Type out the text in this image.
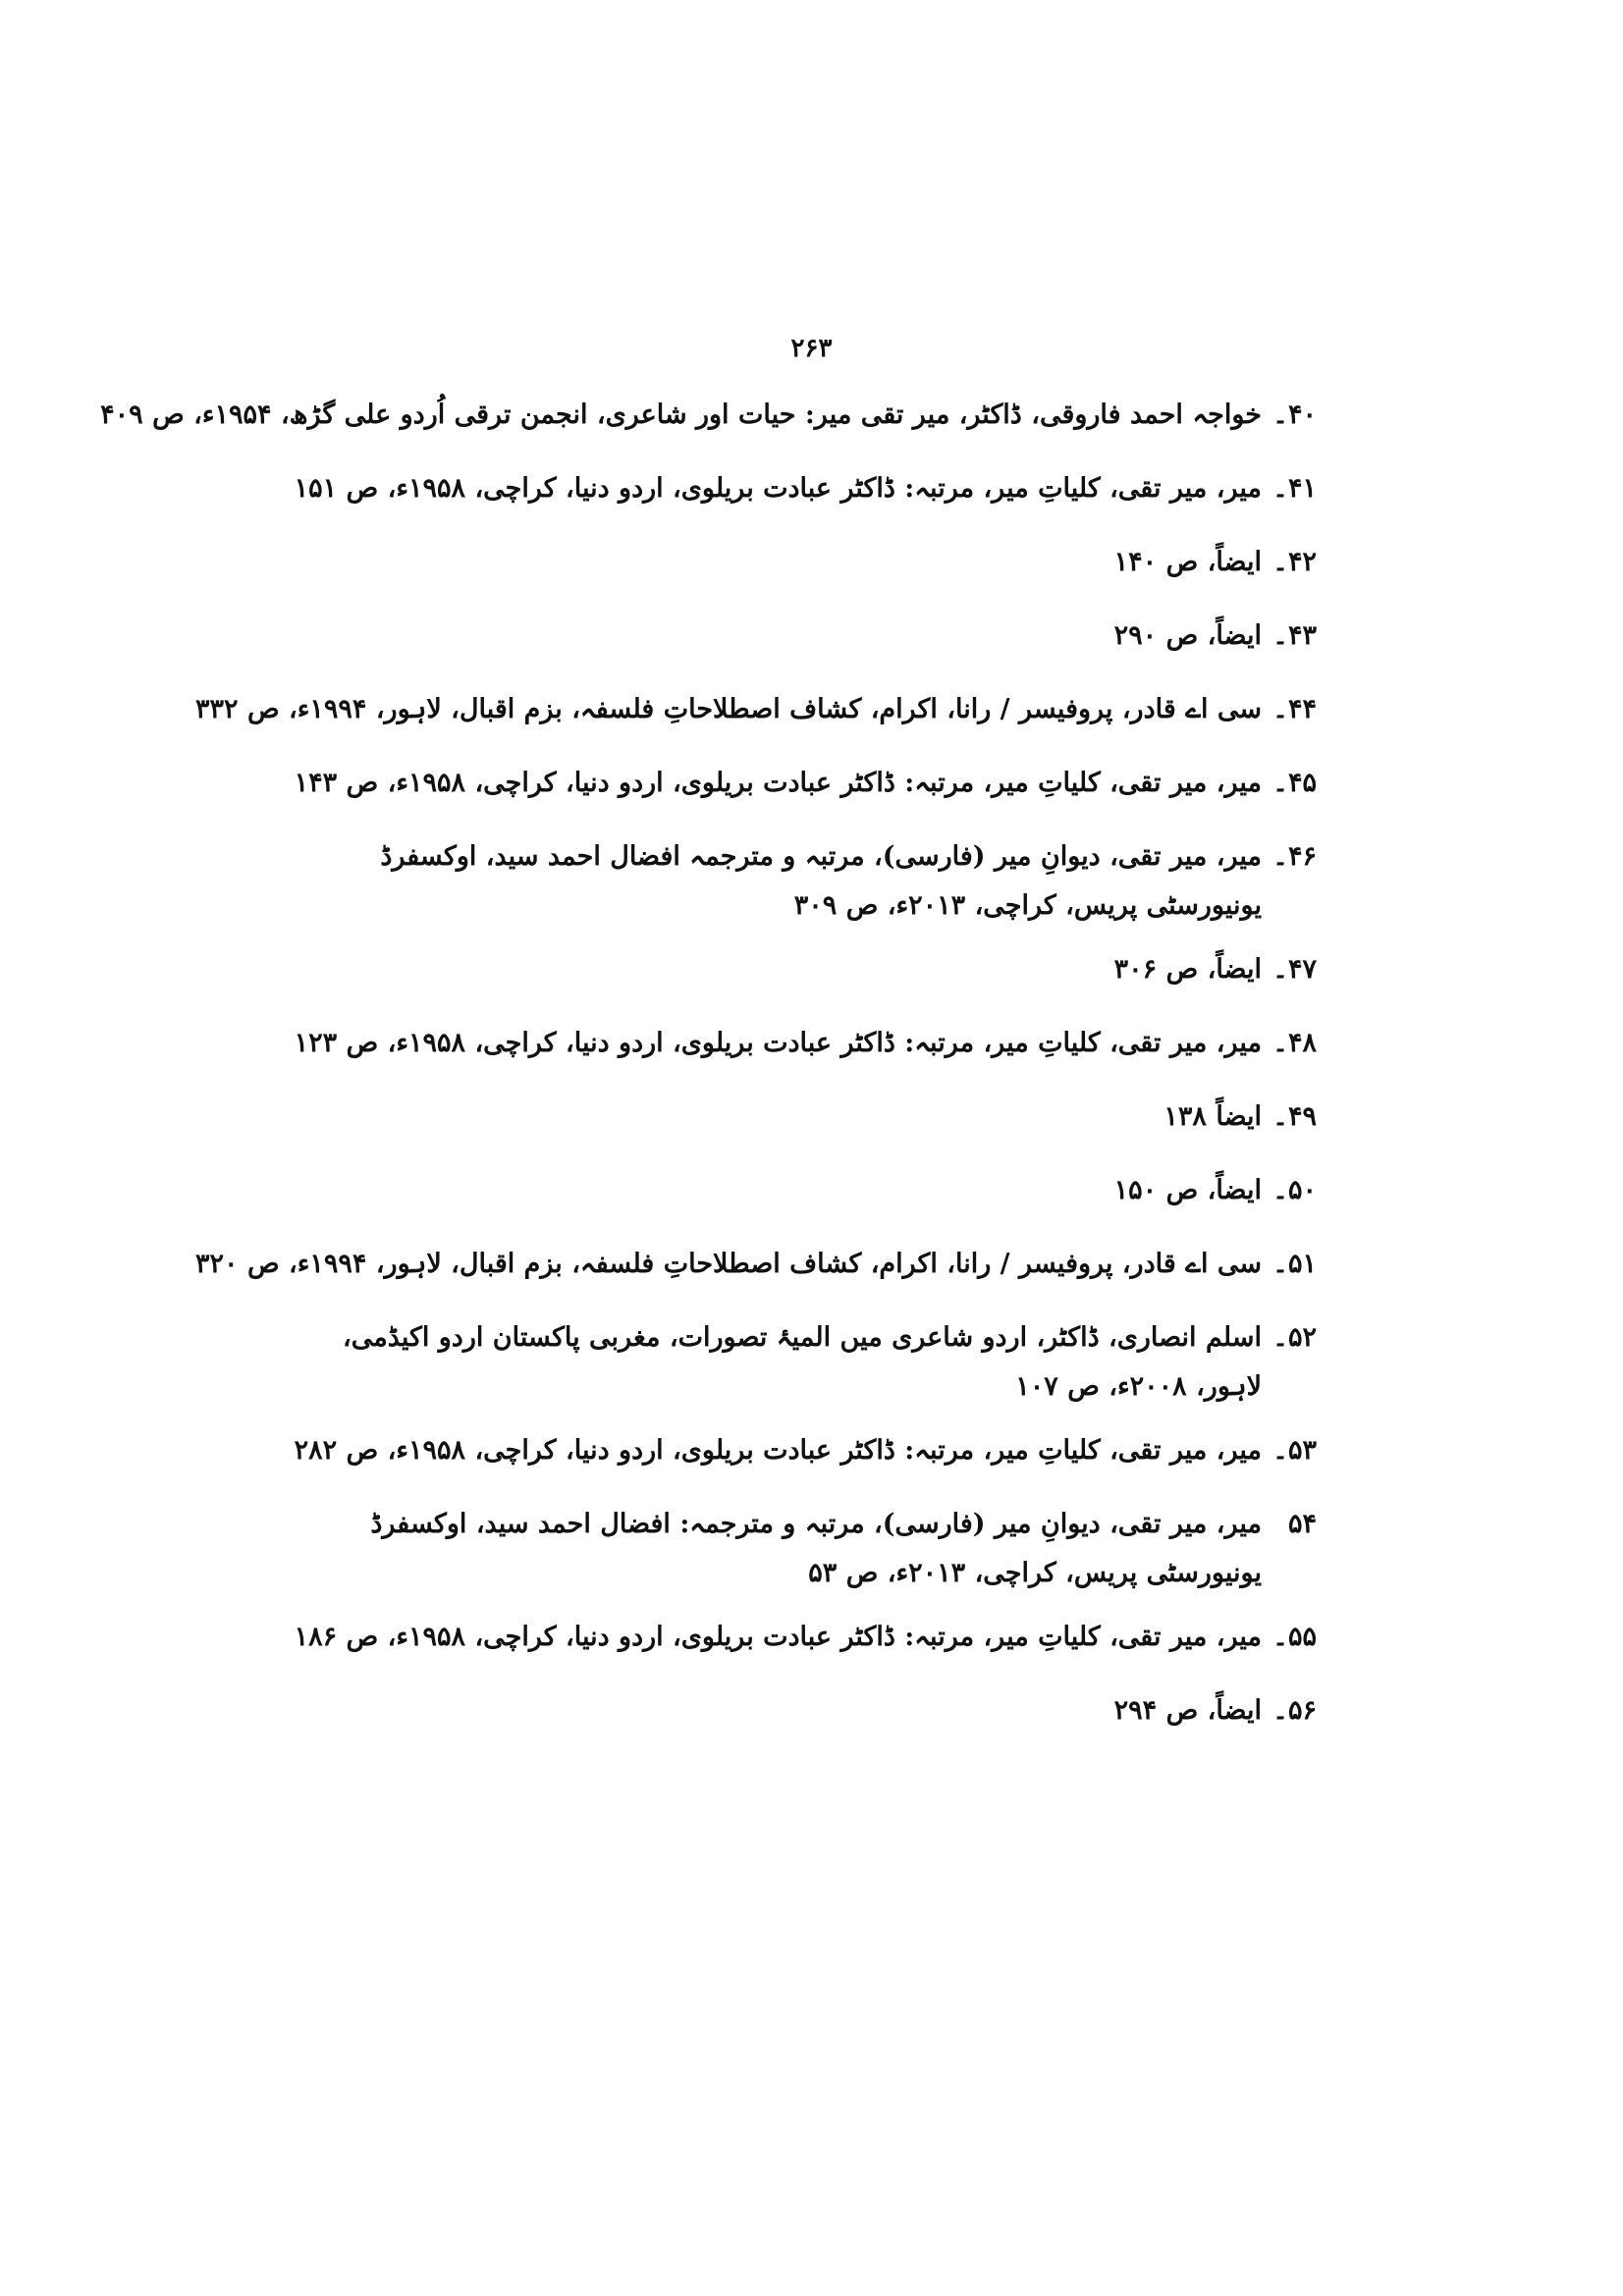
۲۶۳
۴۰۔
خواجہ احمد فاروقی، ڈاکٹر، میر تقی میر: حیات اور شاعری، انجمن ترقی اُردو علی گڑھ، ۱۹۵۴ء، ص ۴۰۹
۴۱۔
میر، میر تقی، کلیاتِ میر، مرتبہ: ڈاکٹر عبادت بریلوی، اردو دنیا، کراچی، ۱۹۵۸ء، ص ۱۵۱
۴۲۔
ایضاً، ص ۱۴۰
۴۳۔
ایضاً، ص ۲۹۰
۴۴۔
سی اے قادر، پروفیسر / رانا، اکرام، کشاف اصطلاحاتِ فلسفہ، بزم اقبال، لاہور، ۱۹۹۴ء، ص ۳۳۲
۴۵۔
میر، میر تقی، کلیاتِ میر، مرتبہ: ڈاکٹر عبادت بریلوی، اردو دنیا، کراچی، ۱۹۵۸ء، ص ۱۴۳
۴۶۔
میر، میر تقی، دیوانِ میر (فارسی)، مرتبہ و مترجمہ افضال احمد سید، اوکسفرڈ یونیورسٹی پریس، کراچی، ۲۰۱۳ء، ص ۳۰۹
۴۷۔
ایضاً، ص ۳۰۶
۴۸۔
میر، میر تقی، کلیاتِ میر، مرتبہ: ڈاکٹر عبادت بریلوی، اردو دنیا، کراچی، ۱۹۵۸ء، ص ۱۲۳
۴۹۔
ایضاً ۱۳۸
۵۰۔
ایضاً، ص ۱۵۰
۵۱۔
سی اے قادر، پروفیسر / رانا، اکرام، کشاف اصطلاحاتِ فلسفہ، بزم اقبال، لاہور، ۱۹۹۴ء، ص ۳۲۰
۵۲۔
اسلم انصاری، ڈاکٹر، اردو شاعری میں المیۂ تصورات، مغربی پاکستان اردو اکیڈمی، لاہور، ۲۰۰۸ء، ص ۱۰۷
۵۳۔
میر، میر تقی، کلیاتِ میر، مرتبہ: ڈاکٹر عبادت بریلوی، اردو دنیا، کراچی، ۱۹۵۸ء، ص ۲۸۲
۵۴
میر، میر تقی، دیوانِ میر (فارسی)، مرتبہ و مترجمہ: افضال احمد سید، اوکسفرڈ یونیورسٹی پریس، کراچی، ۲۰۱۳ء، ص ۵۳
۵۵۔
میر، میر تقی، کلیاتِ میر، مرتبہ: ڈاکٹر عبادت بریلوی، اردو دنیا، کراچی، ۱۹۵۸ء، ص ۱۸۶
۵۶۔
ایضاً، ص ۲۹۴
